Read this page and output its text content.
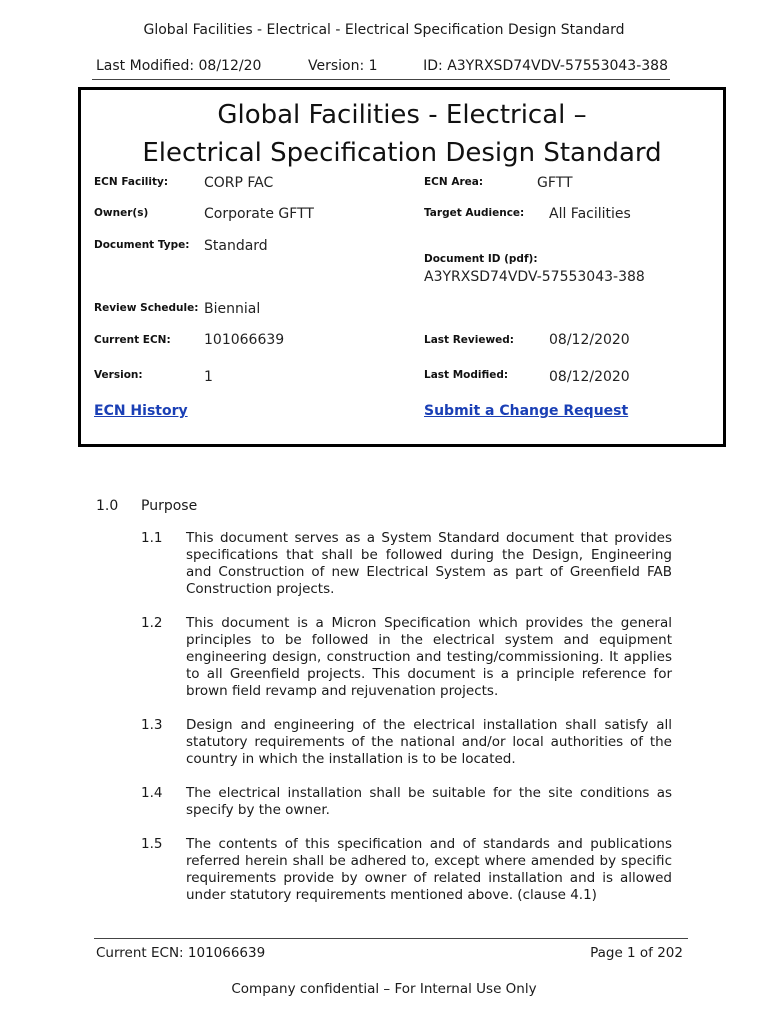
Global Facilities - Electrical - Electrical Specification Design Standard
Last Modified: 08/12/20	Version: 1	ID: A3YRXSD74VDV-57553043-388
Global Facilities - Electrical –
Electrical Specification Design Standard
ECN Facility:	CORP FAC	ECN Area:	GFTT
Owner(s)	Corporate GFTT	Target Audience: All Facilities
Document Type: Standard
Document ID (pdf):
A3YRXSD74VDV-57553043-388
Review Schedule: Biennial
Current ECN: 101066639	Last Reviewed: 08/12/2020
Version:	1	Last Modified:	08/12/2020
ECN History	Submit a Change Request
1.0 Purpose
1.1 This document serves as a System Standard document that provides specifications that shall be followed during the Design, Engineering and Construction of new Electrical System as part of Greenfield FAB Construction projects.
1.2 This document is a Micron Specification which provides the general principles to be followed in the electrical system and equipment engineering design, construction and testing/commissioning. It applies to all Greenfield projects. This document is a principle reference for brown field revamp and rejuvenation projects.
1.3 Design and engineering of the electrical installation shall satisfy all statutory requirements of the national and/or local authorities of the country in which the installation is to be located.
1.4 The electrical installation shall be suitable for the site conditions as specify by the owner.
1.5 The contents of this specification and of standards and publications referred herein shall be adhered to, except where amended by specific requirements provide by owner of related installation and is allowed under statutory requirements mentioned above. (clause 4.1)
Current ECN: 101066639	Page 1 of 202
Company confidential – For Internal Use Only
